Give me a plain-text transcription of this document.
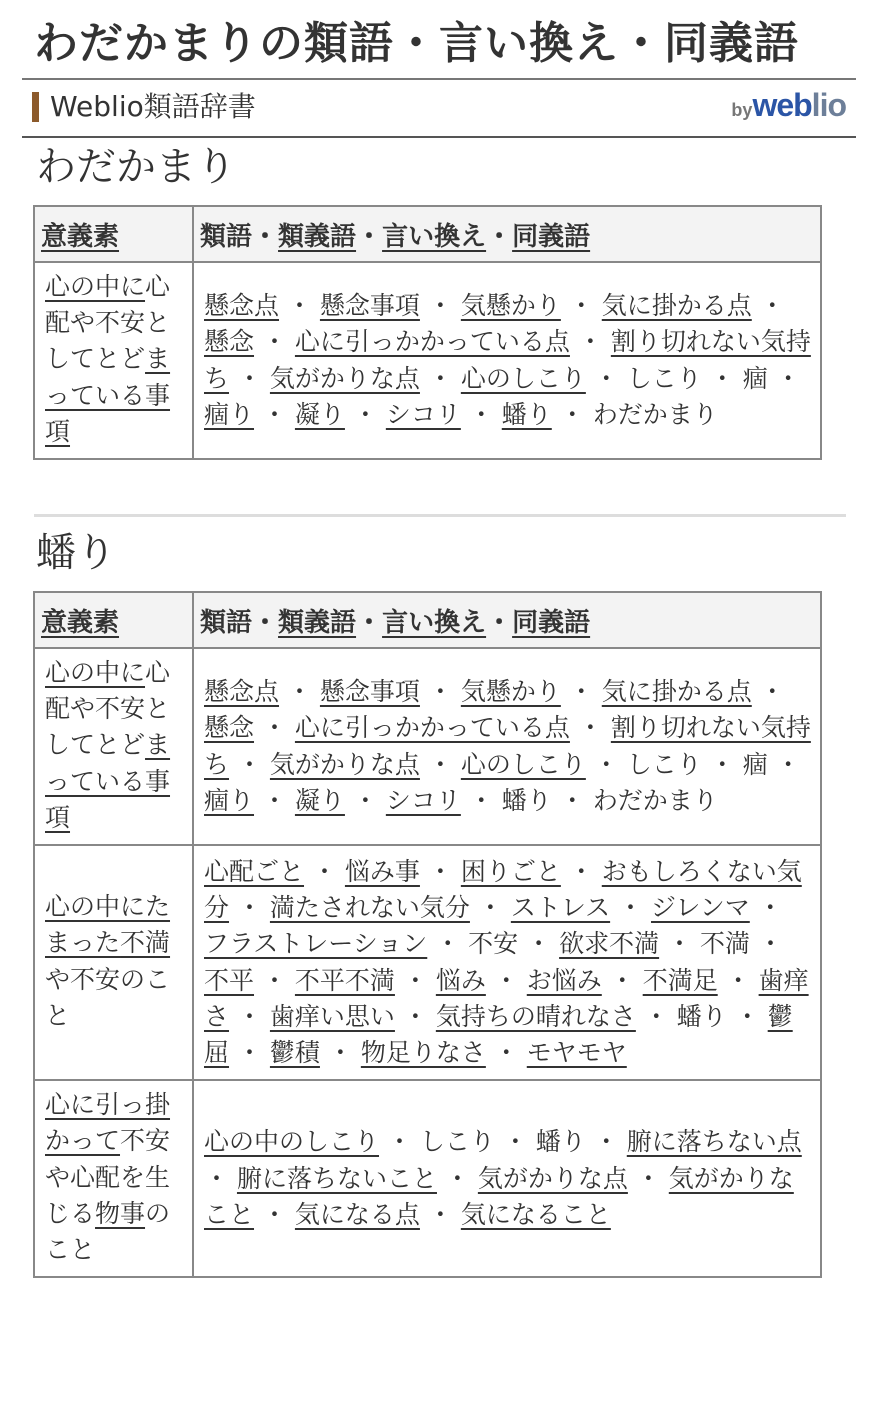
わだかまりの類語・言い換え・同義語
Weblio類語辞書	byweblio
わだかまり
意義素	類語・類義語・言い換え・同義語
心の中に心配や不安としてとどまっている事項	懸念点 ・ 懸念事項 ・ 気懸かり ・ 気に掛かる点 ・ 懸念 ・ 心に引っかかっている点 ・ 割り切れない気持ち ・ 気がかりな点 ・ 心のしこり ・ しこり ・ 痼 ・ 痼り ・ 凝り ・ シコリ ・ 蟠り ・ わだかまり
蟠り
意義素	類語・類義語・言い換え・同義語
心の中に心配や不安としてとどまっている事項	懸念点 ・ 懸念事項 ・ 気懸かり ・ 気に掛かる点 ・ 懸念 ・ 心に引っかかっている点 ・ 割り切れない気持ち ・ 気がかりな点 ・ 心のしこり ・ しこり ・ 痼 ・ 痼り ・ 凝り ・ シコリ ・ 蟠り ・ わだかまり
心の中にたまった不満や不安のこと	心配ごと ・ 悩み事 ・ 困りごと ・ おもしろくない気分 ・ 満たされない気分 ・ ストレス ・ ジレンマ ・ フラストレーション ・ 不安 ・ 欲求不満 ・ 不満 ・ 不平 ・ 不平不満 ・ 悩み ・ お悩み ・ 不満足 ・ 歯痒さ ・ 歯痒い思い ・ 気持ちの晴れなさ ・ 蟠り ・ 鬱屈 ・ 鬱積 ・ 物足りなさ ・ モヤモヤ
心に引っ掛かって不安や心配を生じる物事のこと	心の中のしこり ・ しこり ・ 蟠り ・ 腑に落ちない点 ・ 腑に落ちないこと ・ 気がかりな点 ・ 気がかりなこと ・ 気になる点 ・ 気になること
